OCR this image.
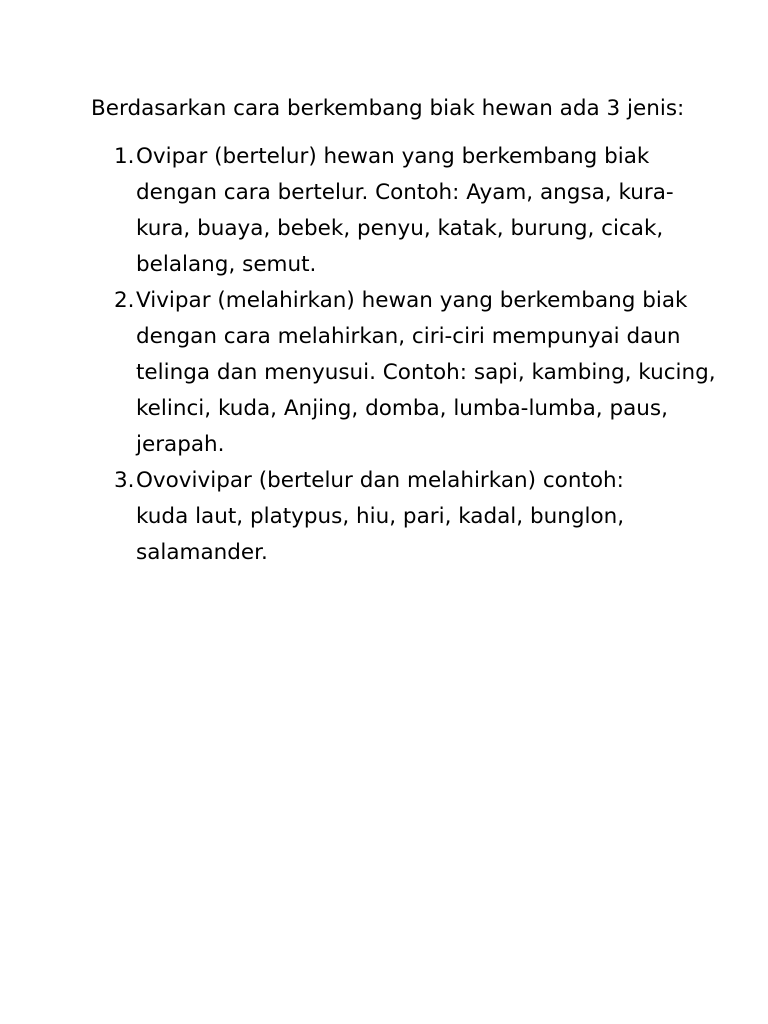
Berdasarkan cara berkembang biak hewan ada 3 jenis:

1. Ovipar (bertelur) hewan yang berkembang biak
dengan cara bertelur. Contoh: Ayam, angsa, kura-
kura, buaya, bebek, penyu, katak, burung, cicak,
belalang, semut.
2. Vivipar (melahirkan) hewan yang berkembang biak
dengan cara melahirkan, ciri-ciri mempunyai daun
telinga dan menyusui. Contoh: sapi, kambing, kucing,
kelinci, kuda, Anjing, domba, lumba-lumba, paus,
jerapah.
3. Ovovivipar (bertelur dan melahirkan) contoh:
kuda laut, platypus, hiu, pari, kadal, bunglon,
salamander.
